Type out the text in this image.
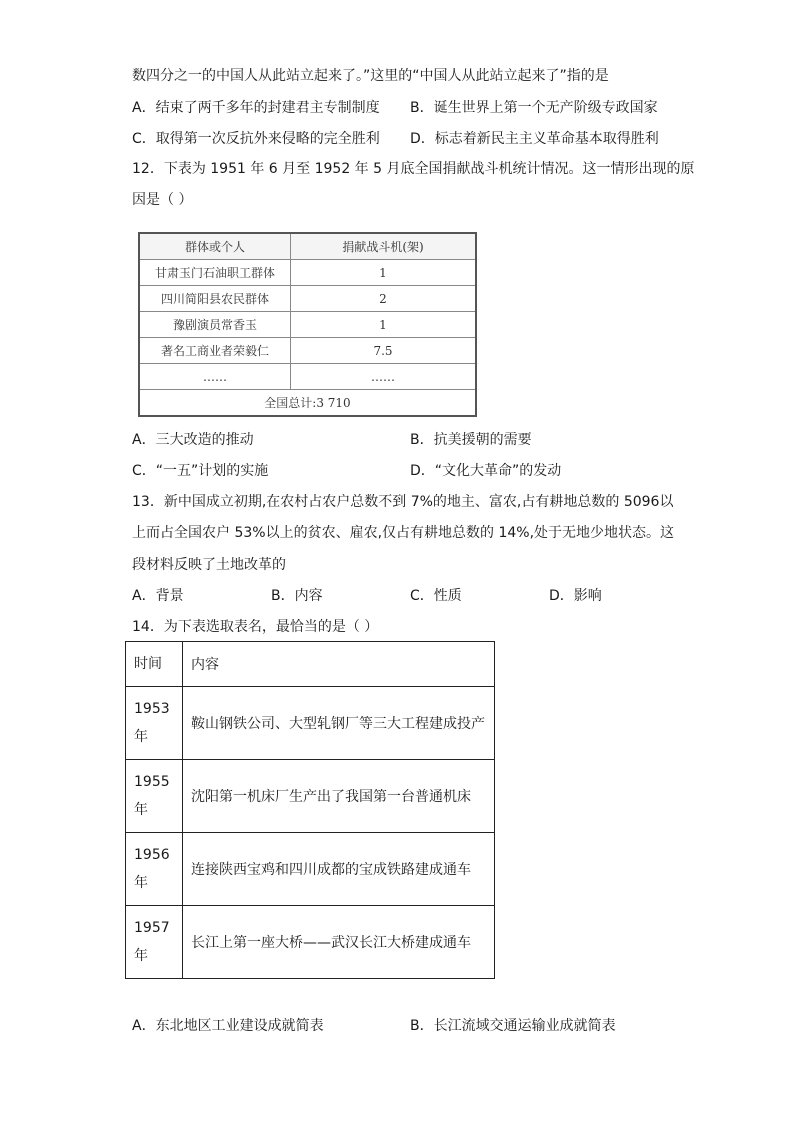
数四分之一的中国人从此站立起来了。”这里的“中国人从此站立起来了”指的是
A．结束了两千多年的封建君主专制制度 B．诞生世界上第一个无产阶级专政国家
C．取得第一次反抗外来侵略的完全胜利 D．标志着新民主主义革命基本取得胜利
12．下表为 1951 年 6 月至 1952 年 5 月底全国捐献战斗机统计情况。这一情形出现的原
因是（ ）
群体或个人	捐献战斗机(架)
甘肃玉门石油职工群体	1
四川简阳县农民群体	2
豫剧演员常香玉	1
著名工商业者荣毅仁	7.5
……	……
全国总计:3 710	
A．三大改造的推动	B．抗美援朝的需要
C．“一五”计划的实施	D．“文化大革命”的发动
13．新中国成立初期,在农村占农户总数不到 7%的地主、富农,占有耕地总数的 5096以
上而占全国农户 53%以上的贫农、雇农,仅占有耕地总数的 14%,处于无地少地状态。这
段材料反映了土地改革的
A．背景	B．内容	C．性质	D．影响
14．为下表选取表名，最恰当的是（ ）
时间	内容

1953
年	鞍山钢铁公司、大型轧钢厂等三大工程建成投产

1955
年	沈阳第一机床厂生产出了我国第一台普通机床

1956
年	连接陕西宝鸡和四川成都的宝成铁路建成通车

1957
年	长江上第一座大桥——武汉长江大桥建成通车
A．东北地区工业建设成就简表	B．长江流域交通运输业成就简表
